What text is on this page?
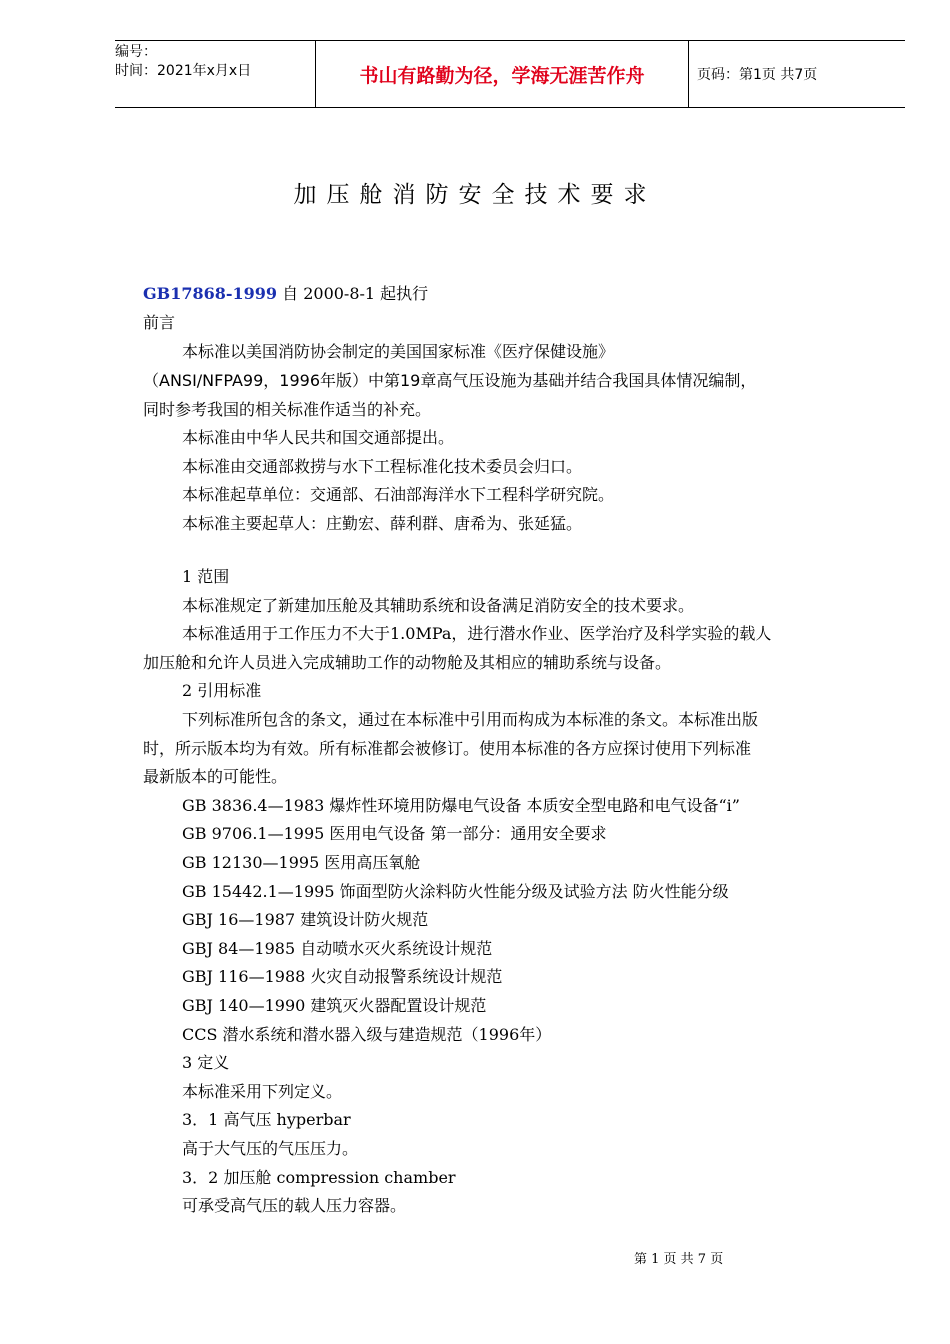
编号：
时间：2021年x月x日	书山有路勤为径，学海无涯苦作舟	页码：第1页 共7页
加压舱消防安全技术要求
GB17868-1999 自 2000-8-1 起执行
前言
本标准以美国消防协会制定的美国国家标准《医疗保健设施》
（ANSI/NFPA99，1996年版）中第19章高气压设施为基础并结合我国具体情况编制，
同时参考我国的相关标准作适当的补充。
本标准由中华人民共和国交通部提出。
本标准由交通部救捞与水下工程标准化技术委员会归口。
本标准起草单位：交通部、石油部海洋水下工程科学研究院。
本标准主要起草人：庄勤宏、薛利群、唐希为、张延猛。
1 范围
本标准规定了新建加压舱及其辅助系统和设备满足消防安全的技术要求。
本标准适用于工作压力不大于1.0MPa，进行潜水作业、医学治疗及科学实验的载人
加压舱和允许人员进入完成辅助工作的动物舱及其相应的辅助系统与设备。
2 引用标准
下列标准所包含的条文，通过在本标准中引用而构成为本标准的条文。本标准出版
时，所示版本均为有效。所有标准都会被修订。使用本标准的各方应探讨使用下列标准
最新版本的可能性。
GB 3836.4—1983 爆炸性环境用防爆电气设备 本质安全型电路和电气设备“i”
GB 9706.1—1995 医用电气设备 第一部分：通用安全要求
GB 12130—1995 医用高压氧舱
GB 15442.1—1995 饰面型防火涂料防火性能分级及试验方法 防火性能分级
GBJ 16—1987 建筑设计防火规范
GBJ 84—1985 自动喷水灭火系统设计规范
GBJ 116—1988 火灾自动报警系统设计规范
GBJ 140—1990 建筑灭火器配置设计规范
CCS 潜水系统和潜水器入级与建造规范（1996年）
3 定义
本标准采用下列定义。
3．1 高气压 hyperbar
高于大气压的气压压力。
3．2 加压舱 compression chamber
可承受高气压的载人压力容器。
第 1 页 共 7 页
